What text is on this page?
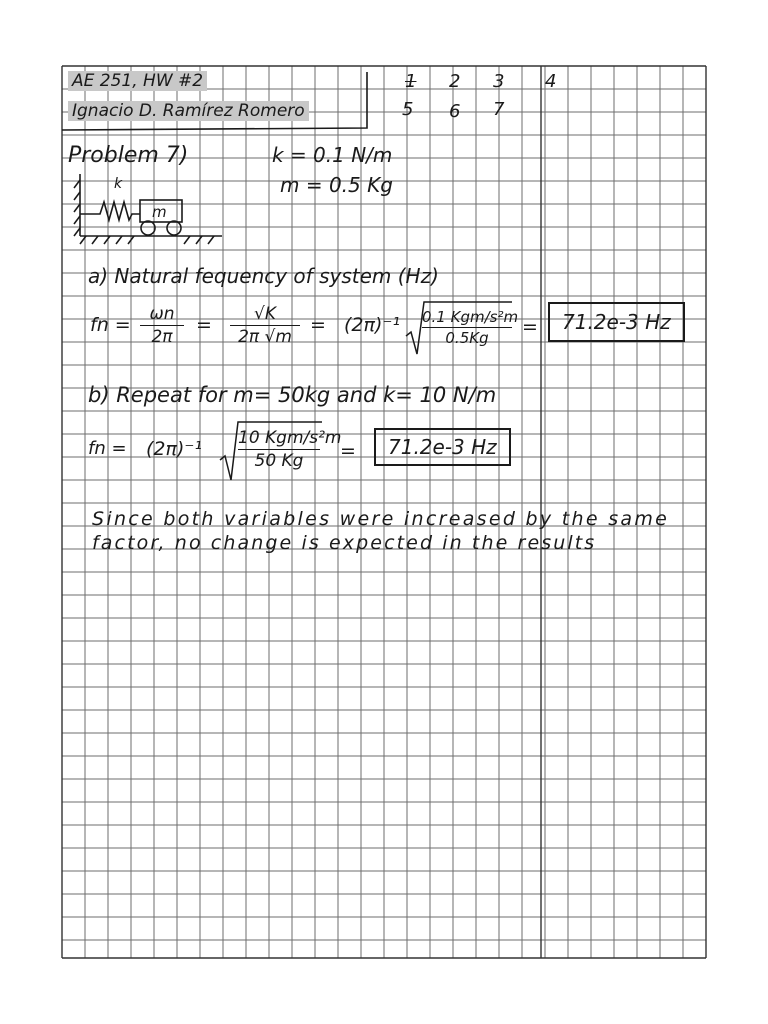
AE 251, HW #2
Ignacio D. Ramírez Romero
1 2 3 4
5 6 7
Problem 7)	k = 0.1 N/m
m = 0.5 Kg
k
m
a) Natural fequency of system (Hz)
fn =	ωn
2π
=	√K
2π √m
= (2π)⁻¹ 0.1 Kgm/s²m
0.5Kg	=	71.2e-3 Hz
b) Repeat for m= 50kg and k= 10 N/m
fn = (2π)⁻¹ 10 Kgm/s²m
50 Kg	=	71.2e-3 Hz
Since both variables were increased by the same
factor, no change is expected in the results
